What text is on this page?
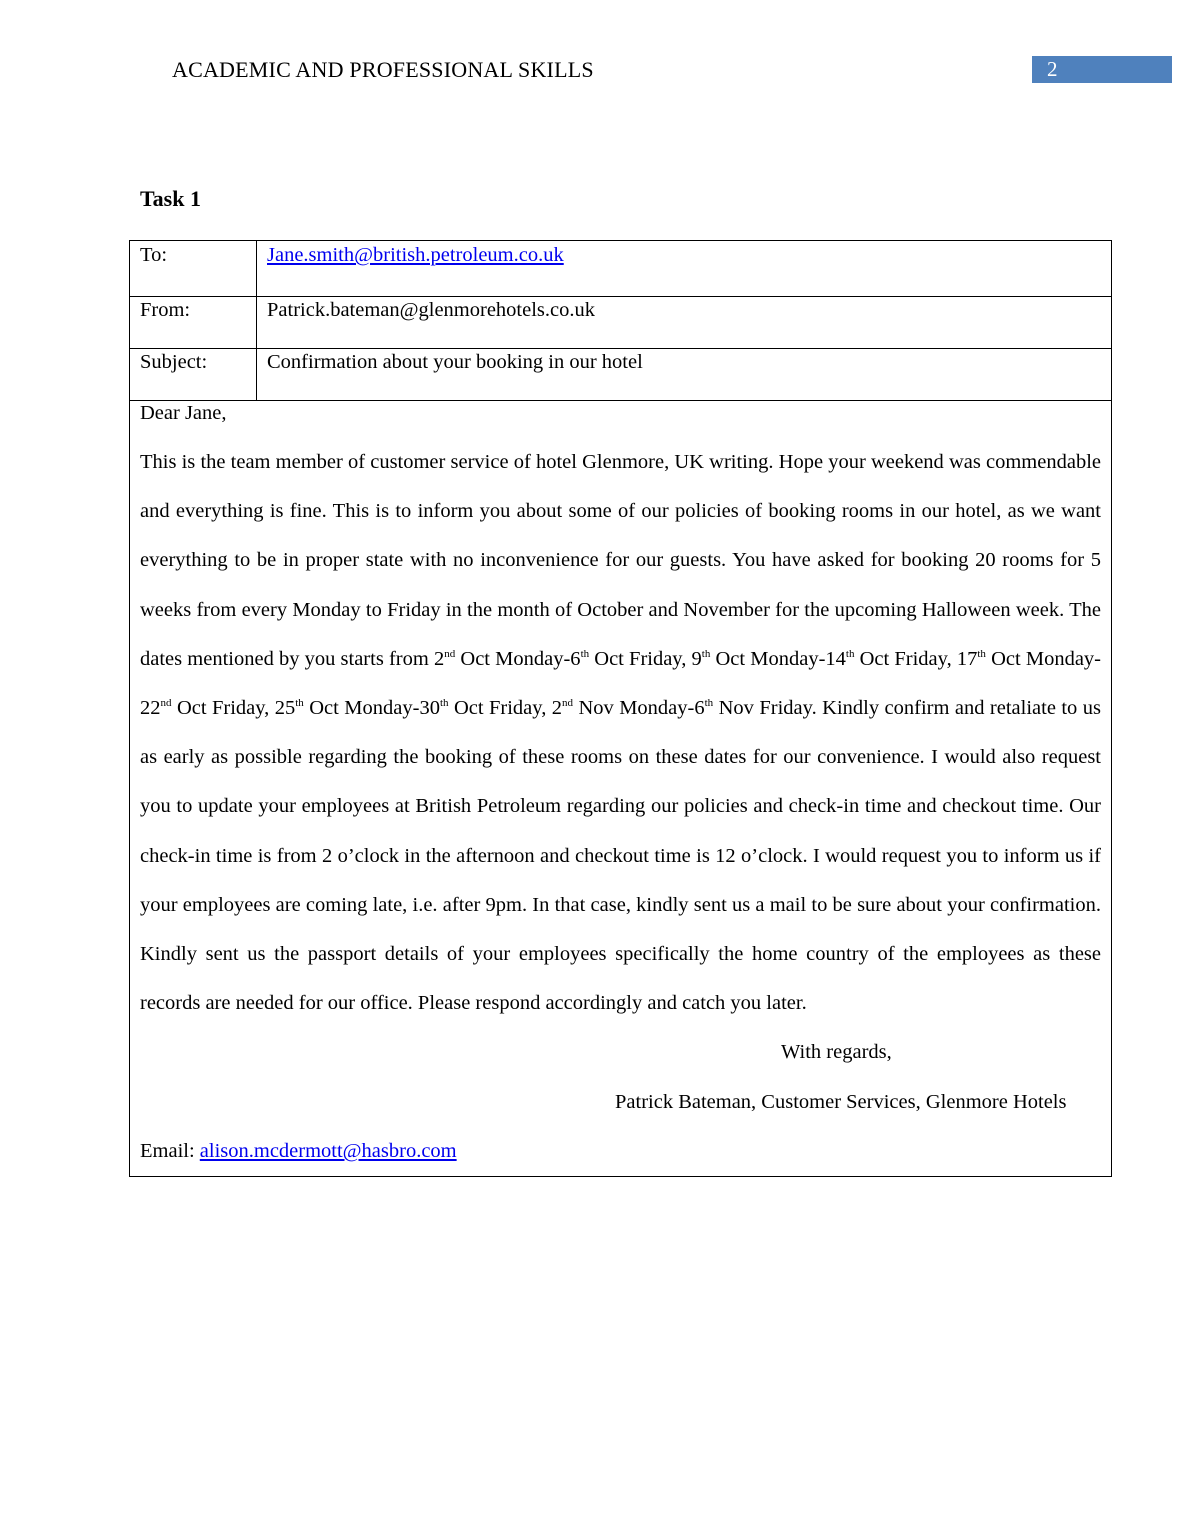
ACADEMIC AND PROFESSIONAL SKILLS	2
Task 1
To:	Jane.smith@british.petroleum.co.uk
From:	Patrick.bateman@glenmorehotels.co.uk
Subject:	Confirmation about your booking in our hotel

Dear Jane,

This is the team member of customer service of hotel Glenmore, UK writing. Hope your weekend was commendable and everything is fine. This is to inform you about some of our policies of booking rooms in our hotel, as we want everything to be in proper state with no inconvenience for our guests. You have asked for booking 20 rooms for 5 weeks from every Monday to Friday in the month of October and November for the upcoming Halloween week. The dates mentioned by you starts from 2nd Oct Monday-6th Oct Friday, 9th Oct Monday-14th Oct Friday, 17th Oct Monday-22nd Oct Friday, 25th Oct Monday-30th Oct Friday, 2nd Nov Monday-6th Nov Friday. Kindly confirm and retaliate to us as early as possible regarding the booking of these rooms on these dates for our convenience. I would also request you to update your employees at British Petroleum regarding our policies and check-in time and checkout time. Our check-in time is from 2 o’clock in the afternoon and checkout time is 12 o’clock. I would request you to inform us if your employees are coming late, i.e. after 9pm. In that case, kindly sent us a mail to be sure about your confirmation. Kindly sent us the passport details of your employees specifically the home country of the employees as these records are needed for our office. Please respond accordingly and catch you later.

With regards,

Patrick Bateman, Customer Services, Glenmore Hotels

Email: alison.mcdermott@hasbro.com	
